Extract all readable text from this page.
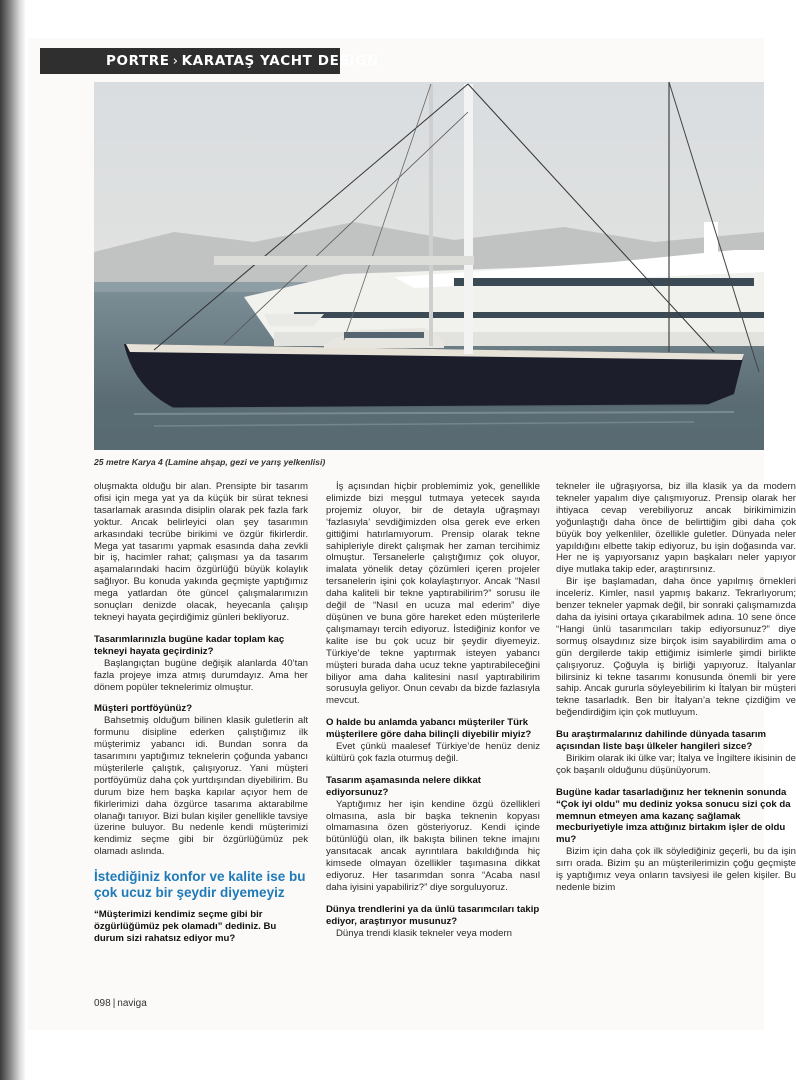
PORTRE › KARATAŞ YACHT DESIGN
25 metre Karya 4 (Lamine ahşap, gezi ve yarış yelkenlisi)

oluşmakta olduğu bir alan. Prensipte bir tasarım ofisi için mega yat ya da küçük bir sürat teknesi tasarlamak arasında disiplin olarak pek fazla fark yoktur. Ancak belirleyici olan şey tasarımın arkasındaki tecrübe birikimi ve özgür fikirlerdir. Mega yat tasarımı yapmak esasında daha zevkli bir iş, hacimler rahat; çalışması ya da tasarım aşamalarındaki hacim özgürlüğü büyük kolaylık sağlıyor. Bu konuda yakında geçmişte yaptığımız mega yatlardan öte güncel çalışmalarımızın sonuçları denizde olacak, heyecanla çalışıp tekneyi hayata geçirdiğimiz günleri bekliyoruz.

Tasarımlarınızla bugüne kadar toplam kaç tekneyi hayata geçirdiniz?

Başlangıçtan bugüne değişik alanlarda 40’tan fazla projeye imza atmış durumdayız. Ama her dönem popüler teknelerimiz olmuştur.

Müşteri portföyünüz?

Bahsetmiş olduğum bilinen klasik guletlerin alt formunu disipline ederken çalıştığımız ilk müşterimiz yabancı idi. Bundan sonra da tasarımını yaptığımız teknelerin çoğunda yabancı müşterilerle çalıştık, çalışıyoruz. Yani müşteri portföyümüz daha çok yurtdışından diyebilirim. Bu durum bize hem başka kapılar açıyor hem de fikirlerimizi daha özgürce tasarıma aktarabilme olanağı tanıyor. Bizi bulan kişiler genellikle tavsiye üzerine buluyor. Bu nedenle kendi müşterimizi kendimiz seçme gibi bir özgürlüğümüz pek olamadı aslında.

İstediğiniz konfor ve kalite ise bu çok ucuz bir şeydir diyemeyiz
“Müşterimizi kendimiz seçme gibi bir özgürlüğümüz pek olamadı” dediniz. Bu durum sizi rahatsız ediyor mu?

İş açısından hiçbir problemimiz yok, genellikle elimizde bizi meşgul tutmaya yetecek sayıda projemiz oluyor, bir de detayla uğraşmayı ‘fazlasıyla’ sevdiğimizden olsa gerek eve erken gittiğimi hatırlamıyorum. Prensip olarak tekne sahipleriyle direkt çalışmak her zaman tercihimiz olmuştur. Tersanelerle çalıştığımız çok oluyor, imalata yönelik detay çözümleri içeren projeler tersanelerin işini çok kolaylaştırıyor. Ancak “Nasıl daha kaliteli bir tekne yaptırabilirim?” sorusu ile değil de “Nasıl en ucuza mal ederim” diye düşünen ve buna göre hareket eden müşterilerle çalışmamayı tercih ediyoruz. İstediğiniz konfor ve kalite ise bu çok ucuz bir şeydir diyemeyiz. Türkiye’de tekne yaptırmak isteyen yabancı müşteri burada daha ucuz tekne yaptırabileceğini biliyor ama daha kalitesini nasıl yaptırabilirim sorusuyla geliyor. Onun cevabı da bizde fazlasıyla mevcut.

O halde bu anlamda yabancı müşteriler Türk müşterilere göre daha bilinçli diyebilir miyiz?

Evet çünkü maalesef Türkiye’de henüz deniz kültürü çok fazla oturmuş değil.

Tasarım aşamasında nelere dikkat ediyorsunuz?

Yaptığımız her işin kendine özgü özellikleri olmasına, asla bir başka teknenin kopyası olmamasına özen gösteriyoruz. Kendi içinde bütünlüğü olan, ilk bakışta bilinen tekne imajını yansıtacak ancak ayrıntılara bakıldığında hiç kimsede olmayan özellikler taşımasına dikkat ediyoruz. Her tasarımdan sonra “Acaba nasıl daha iyisini yapabiliriz?” diye sorguluyoruz.

Dünya trendlerini ya da ünlü tasarımcıları takip ediyor, araştırıyor musunuz?

Dünya trendi klasik tekneler veya modern

tekneler ile uğraşıyorsa, biz illa klasik ya da modern tekneler yapalım diye çalışmıyoruz. Prensip olarak her ihtiyaca cevap verebiliyoruz ancak birikimimizin yoğunlaştığı daha önce de belirttiğim gibi daha çok büyük boy yelkenliler, özellikle guletler. Dünyada neler yapıldığını elbette takip ediyoruz, bu işin doğasında var. Her ne iş yapıyorsanız yapın başkaları neler yapıyor diye mutlaka takip eder, araştırırsınız.

Bir işe başlamadan, daha önce yapılmış örnekleri inceleriz. Kimler, nasıl yapmış bakarız. Tekrarlıyorum; benzer tekneler yapmak değil, bir sonraki çalışmamızda daha da iyisini ortaya çıkarabilmek adına. 10 sene önce “Hangi ünlü tasarımcıları takip ediyorsunuz?” diye sormuş olsaydınız size birçok isim sayabilirdim ama o gün dergilerde takip ettiğimiz isimlerle şimdi birlikte çalışıyoruz. Çoğuyla iş birliği yapıyoruz. İtalyanlar bilirsiniz ki tekne tasarımı konusunda önemli bir yere sahip. Ancak gururla söyleyebilirim ki İtalyan bir müşteri tekne tasarladık. Ben bir İtalyan’a tekne çizdiğim ve beğendirdiğim için çok mutluyum.

Bu araştırmalarınız dahilinde dünyada tasarım açısından liste başı ülkeler hangileri sizce?

Birikim olarak iki ülke var; İtalya ve İngiltere ikisinin de çok başarılı olduğunu düşünüyorum.

Bugüne kadar tasarladığınız her teknenin sonunda “Çok iyi oldu” mu dediniz yoksa sonucu sizi çok da memnun etmeyen ama kazanç sağlamak mecburiyetiyle imza attığınız birtakım işler de oldu mu?

Bizim için daha çok ilk söylediğiniz geçerli, bu da işin sırrı orada. Bizim şu an müşterilerimizin çoğu geçmişte iş yaptığımız veya onların tavsiyesi ile gelen kişiler. Bu nedenle bizim

098 | naviga
